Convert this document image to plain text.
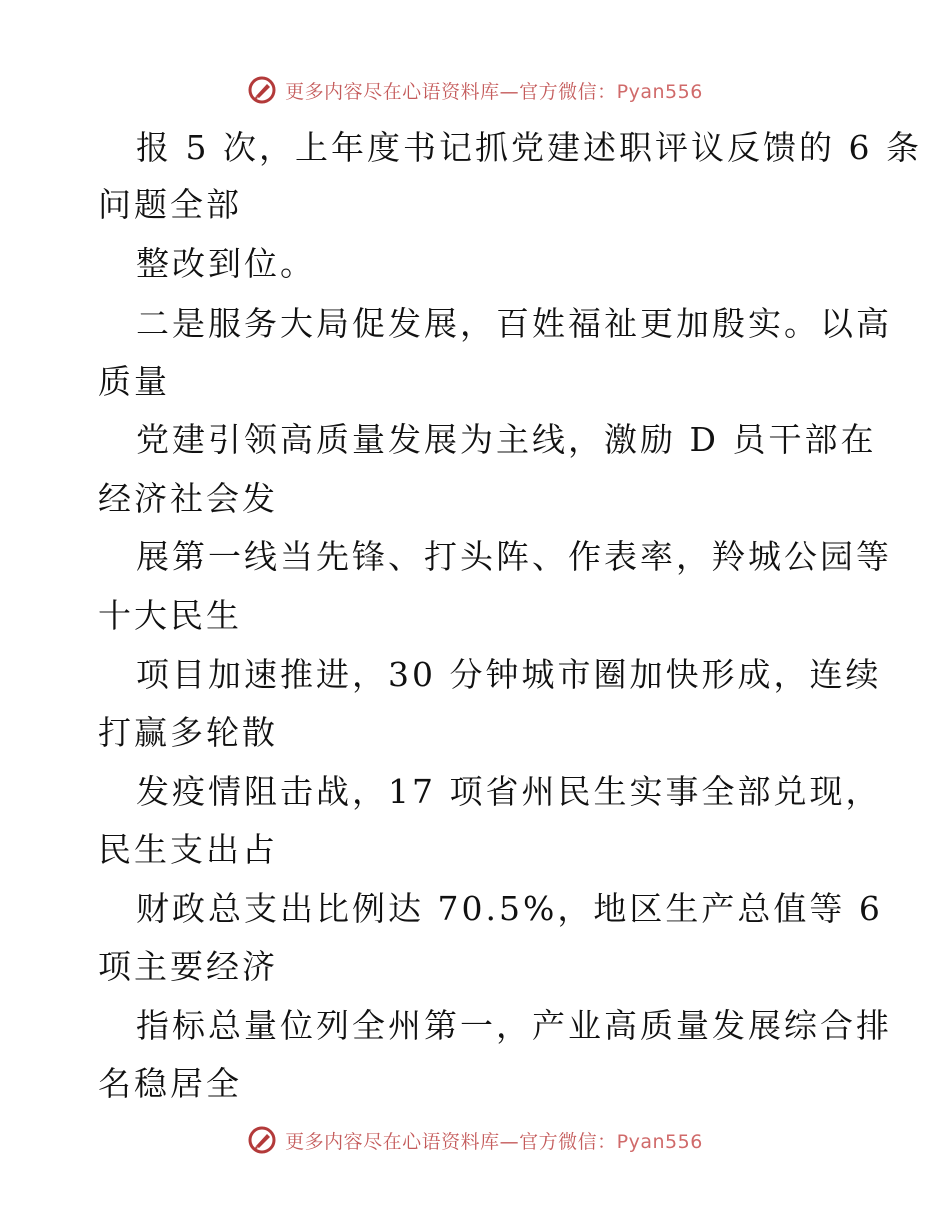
更多内容尽在心语资料库—官方微信：Pyan556
报 5 次，上年度书记抓党建述职评议反馈的 6 条
问题全部
整改到位。
二是服务大局促发展，百姓福祉更加殷实。以高
质量
党建引领高质量发展为主线，激励 D 员干部在
经济社会发
展第一线当先锋、打头阵、作表率，羚城公园等
十大民生
项目加速推进，30 分钟城市圈加快形成，连续
打赢多轮散
发疫情阻击战，17 项省州民生实事全部兑现，
民生支出占
财政总支出比例达 70.5%，地区生产总值等 6
项主要经济
指标总量位列全州第一，产业高质量发展综合排
名稳居全
更多内容尽在心语资料库—官方微信：Pyan556
